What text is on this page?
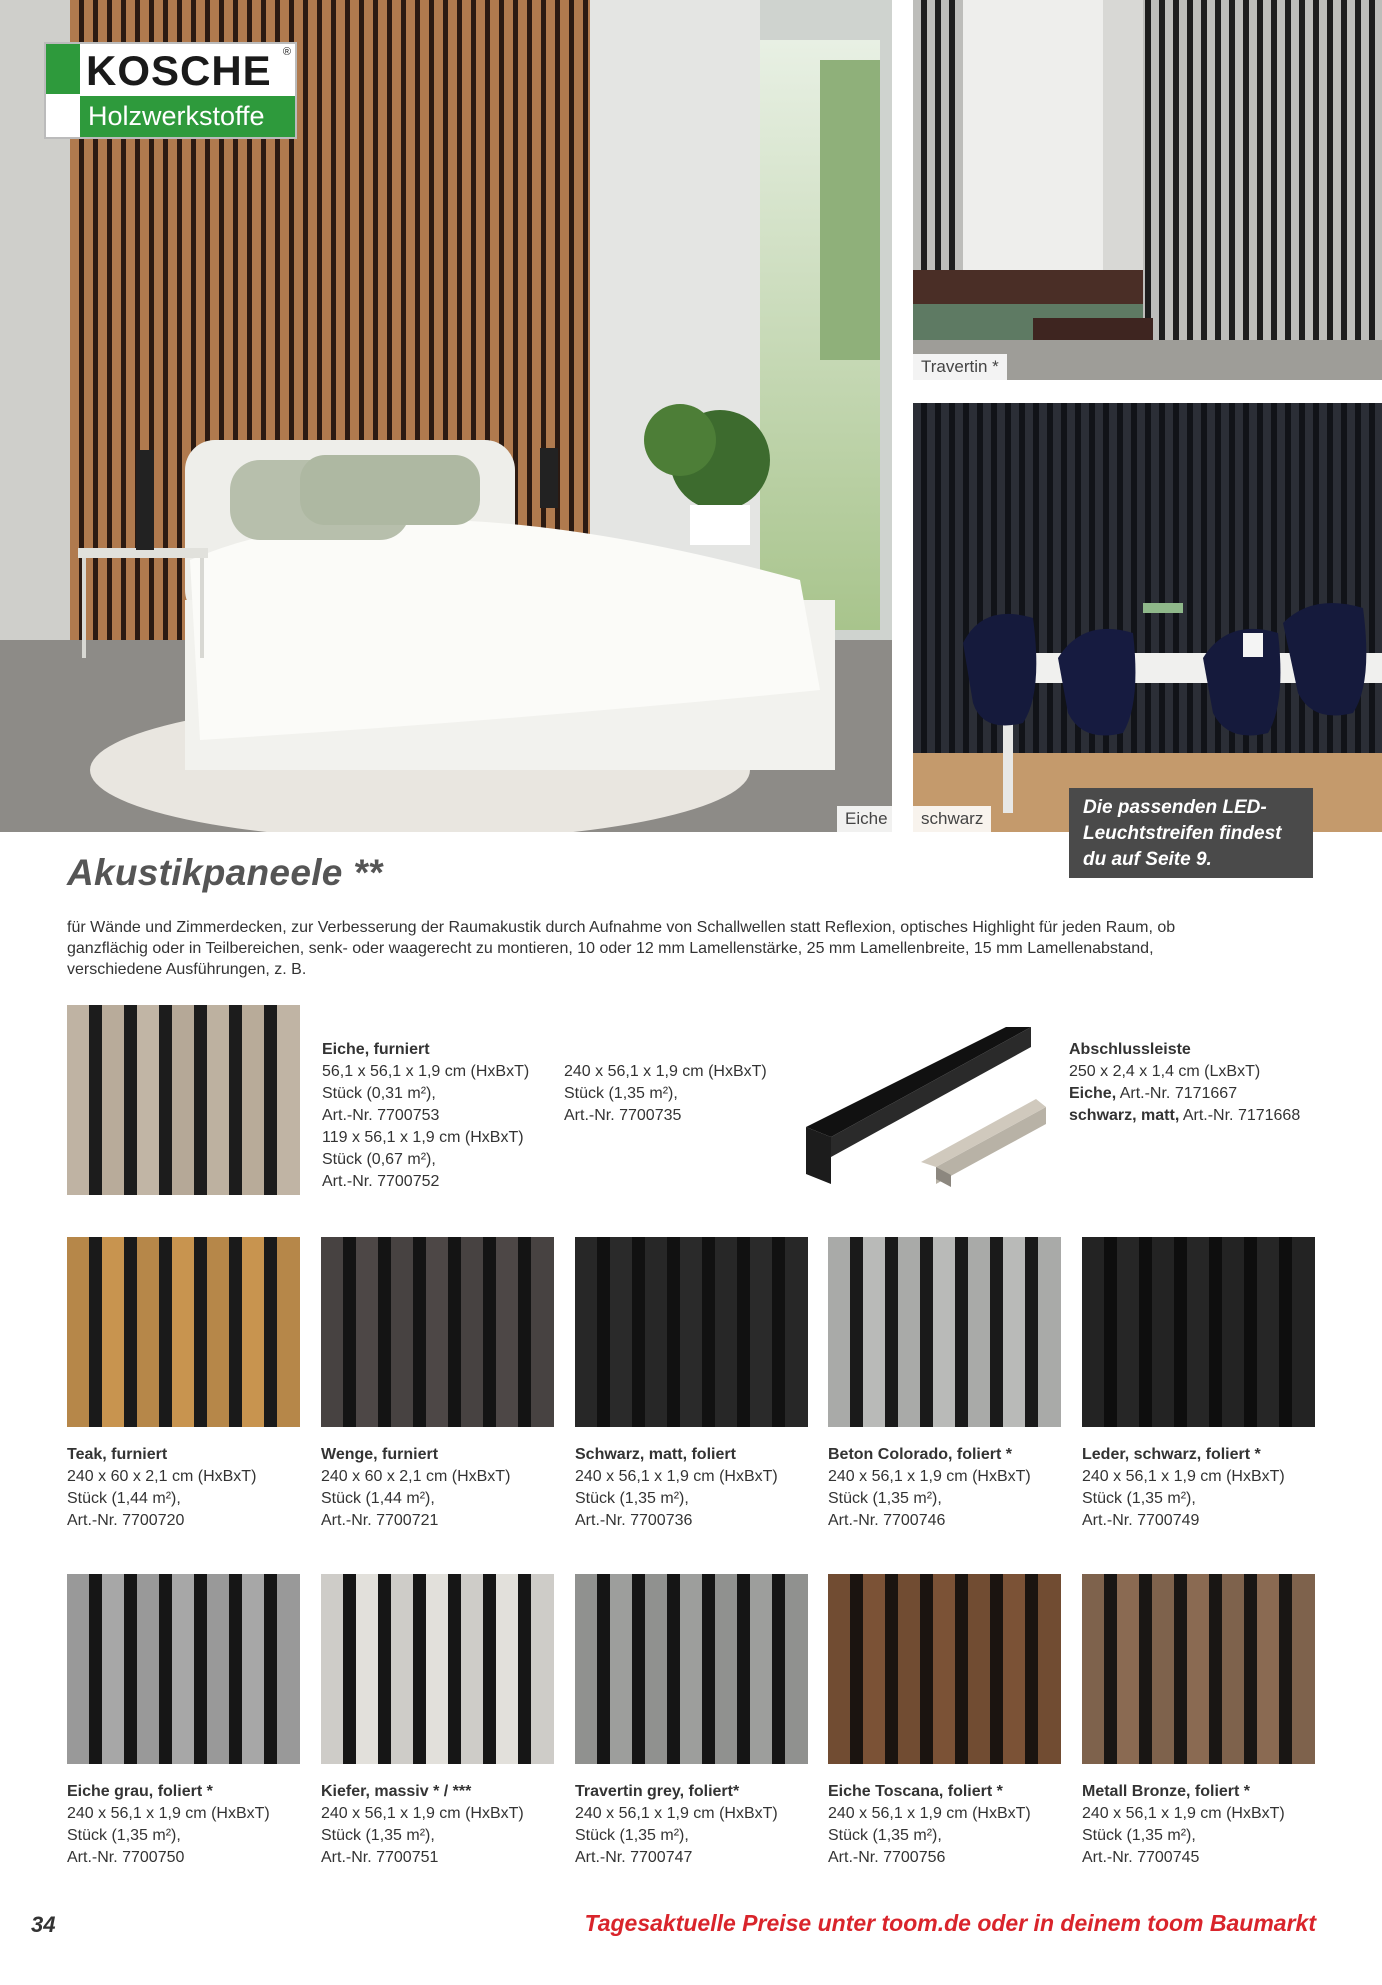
KOSCHE ®
Holzwerkstoffe
Eiche
Travertin *
schwarz
Die passenden LED-
Leuchtstreifen findest
du auf Seite 9.
Akustikpaneele **
für Wände und Zimmerdecken, zur Verbesserung der Raumakustik durch Aufnahme von Schallwellen statt Reflexion, optisches Highlight für jeden Raum, ob ganzflächig oder in Teilbereichen, senk- oder waagerecht zu montieren, 10 oder 12 mm Lamellenstärke, 25 mm Lamellenbreite, 15 mm Lamellenabstand, verschiedene Ausführungen, z. B.
Eiche, furniert
56,1 x 56,1 x 1,9 cm (HxBxT)
Stück (0,31 m²),
Art.-Nr. 7700753
119 x 56,1 x 1,9 cm (HxBxT)
Stück (0,67 m²),
Art.-Nr. 7700752
240 x 56,1 x 1,9 cm (HxBxT)
Stück (1,35 m²),
Art.-Nr. 7700735
Abschlussleiste
250 x 2,4 x 1,4 cm (LxBxT)
Eiche, Art.-Nr. 7171667
schwarz, matt, Art.-Nr. 7171668
Teak, furniert
240 x 60 x 2,1 cm (HxBxT)
Stück (1,44 m²),
Art.-Nr. 7700720
Wenge, furniert
240 x 60 x 2,1 cm (HxBxT)
Stück (1,44 m²),
Art.-Nr. 7700721
Schwarz, matt, foliert
240 x 56,1 x 1,9 cm (HxBxT)
Stück (1,35 m²),
Art.-Nr. 7700736
Beton Colorado, foliert *
240 x 56,1 x 1,9 cm (HxBxT)
Stück (1,35 m²),
Art.-Nr. 7700746
Leder, schwarz, foliert *
240 x 56,1 x 1,9 cm (HxBxT)
Stück (1,35 m²),
Art.-Nr. 7700749
Eiche grau, foliert *
240 x 56,1 x 1,9 cm (HxBxT)
Stück (1,35 m²),
Art.-Nr. 7700750
Kiefer, massiv * / ***
240 x 56,1 x 1,9 cm (HxBxT)
Stück (1,35 m²),
Art.-Nr. 7700751
Travertin grey, foliert*
240 x 56,1 x 1,9 cm (HxBxT)
Stück (1,35 m²),
Art.-Nr. 7700747
Eiche Toscana, foliert *
240 x 56,1 x 1,9 cm (HxBxT)
Stück (1,35 m²),
Art.-Nr. 7700756
Metall Bronze, foliert *
240 x 56,1 x 1,9 cm (HxBxT)
Stück (1,35 m²),
Art.-Nr. 7700745
34	Tagesaktuelle Preise unter toom.de oder in deinem toom Baumarkt
